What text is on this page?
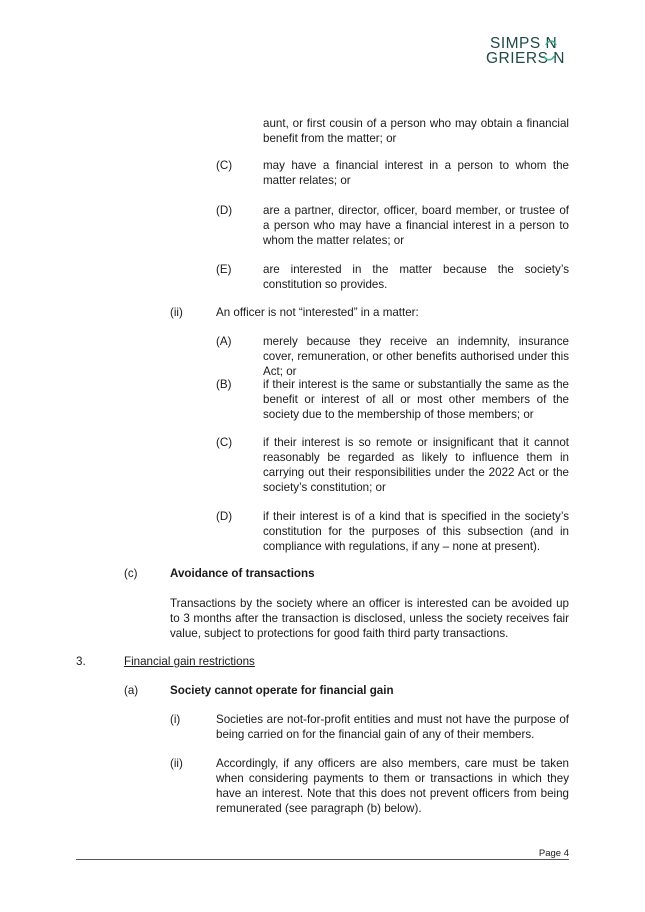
SIMPS N
GRIERS N
aunt, or first cousin of a person who may obtain a financial benefit from the matter; or
(C)	may have a financial interest in a person to whom the matter relates; or
(D)	are a partner, director, officer, board member, or trustee of a person who may have a financial interest in a person to whom the matter relates; or
(E)	are interested in the matter because the society’s constitution so provides.
(ii)	An officer is not “interested” in a matter:
(A)	merely because they receive an indemnity, insurance cover, remuneration, or other benefits authorised under this Act; or
(B)	if their interest is the same or substantially the same as the benefit or interest of all or most other members of the society due to the membership of those members; or
(C)	if their interest is so remote or insignificant that it cannot reasonably be regarded as likely to influence them in carrying out their responsibilities under the 2022 Act or the society’s constitution; or
(D)	if their interest is of a kind that is specified in the society’s constitution for the purposes of this subsection (and in compliance with regulations, if any – none at present).
(c)	Avoidance of transactions
Transactions by the society where an officer is interested can be avoided up to 3 months after the transaction is disclosed, unless the society receives fair value, subject to protections for good faith third party transactions.
3.	Financial gain restrictions
(a)	Society cannot operate for financial gain
(i)	Societies are not-for-profit entities and must not have the purpose of being carried on for the financial gain of any of their members.
(ii)	Accordingly, if any officers are also members, care must be taken when considering payments to them or transactions in which they have an interest. Note that this does not prevent officers from being remunerated (see paragraph (b) below).
Page 4
